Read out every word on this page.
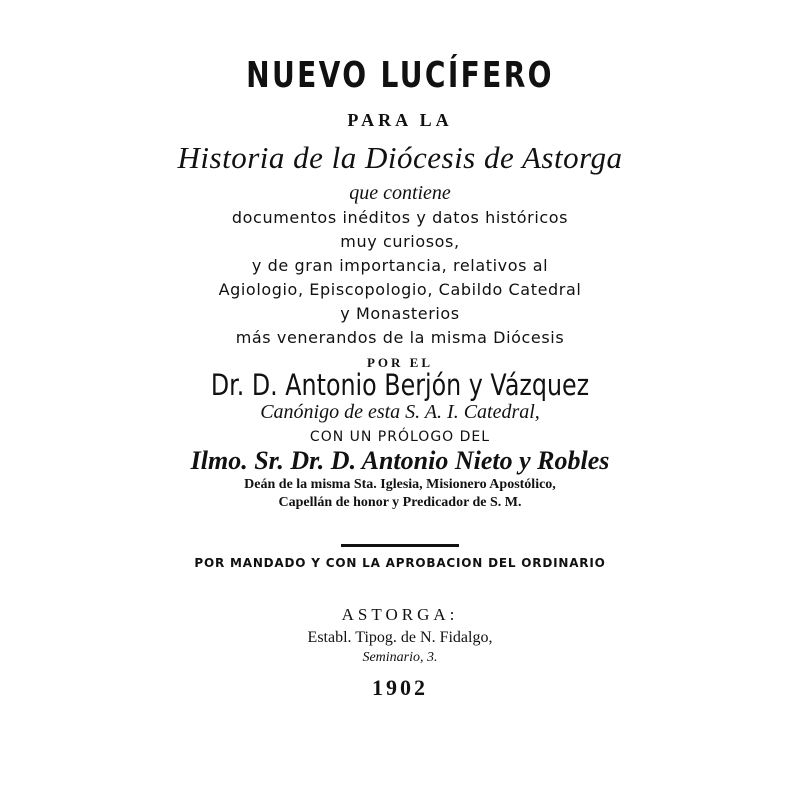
NUEVO LUCÍFERO
PARA LA
Historia de la Diócesis de Astorga
que contiene
documentos inéditos y datos históricos
muy curiosos,
y de gran importancia, relativos al
Agiologio, Episcopologio, Cabildo Catedral
y Monasterios
más venerandos de la misma Diócesis
POR EL
Dr. D. Antonio Berjón y Vázquez
Canónigo de esta S. A. I. Catedral,
CON UN PRÓLOGO DEL
Ilmo. Sr. Dr. D. Antonio Nieto y Robles
Deán de la misma Sta. Iglesia, Misionero Apostólico,
Capellán de honor y Predicador de S. M.
POR MANDADO Y CON LA APROBACION DEL ORDINARIO
ASTORGA:
Establ. Tipog. de N. Fidalgo,
Seminario, 3.
1902
